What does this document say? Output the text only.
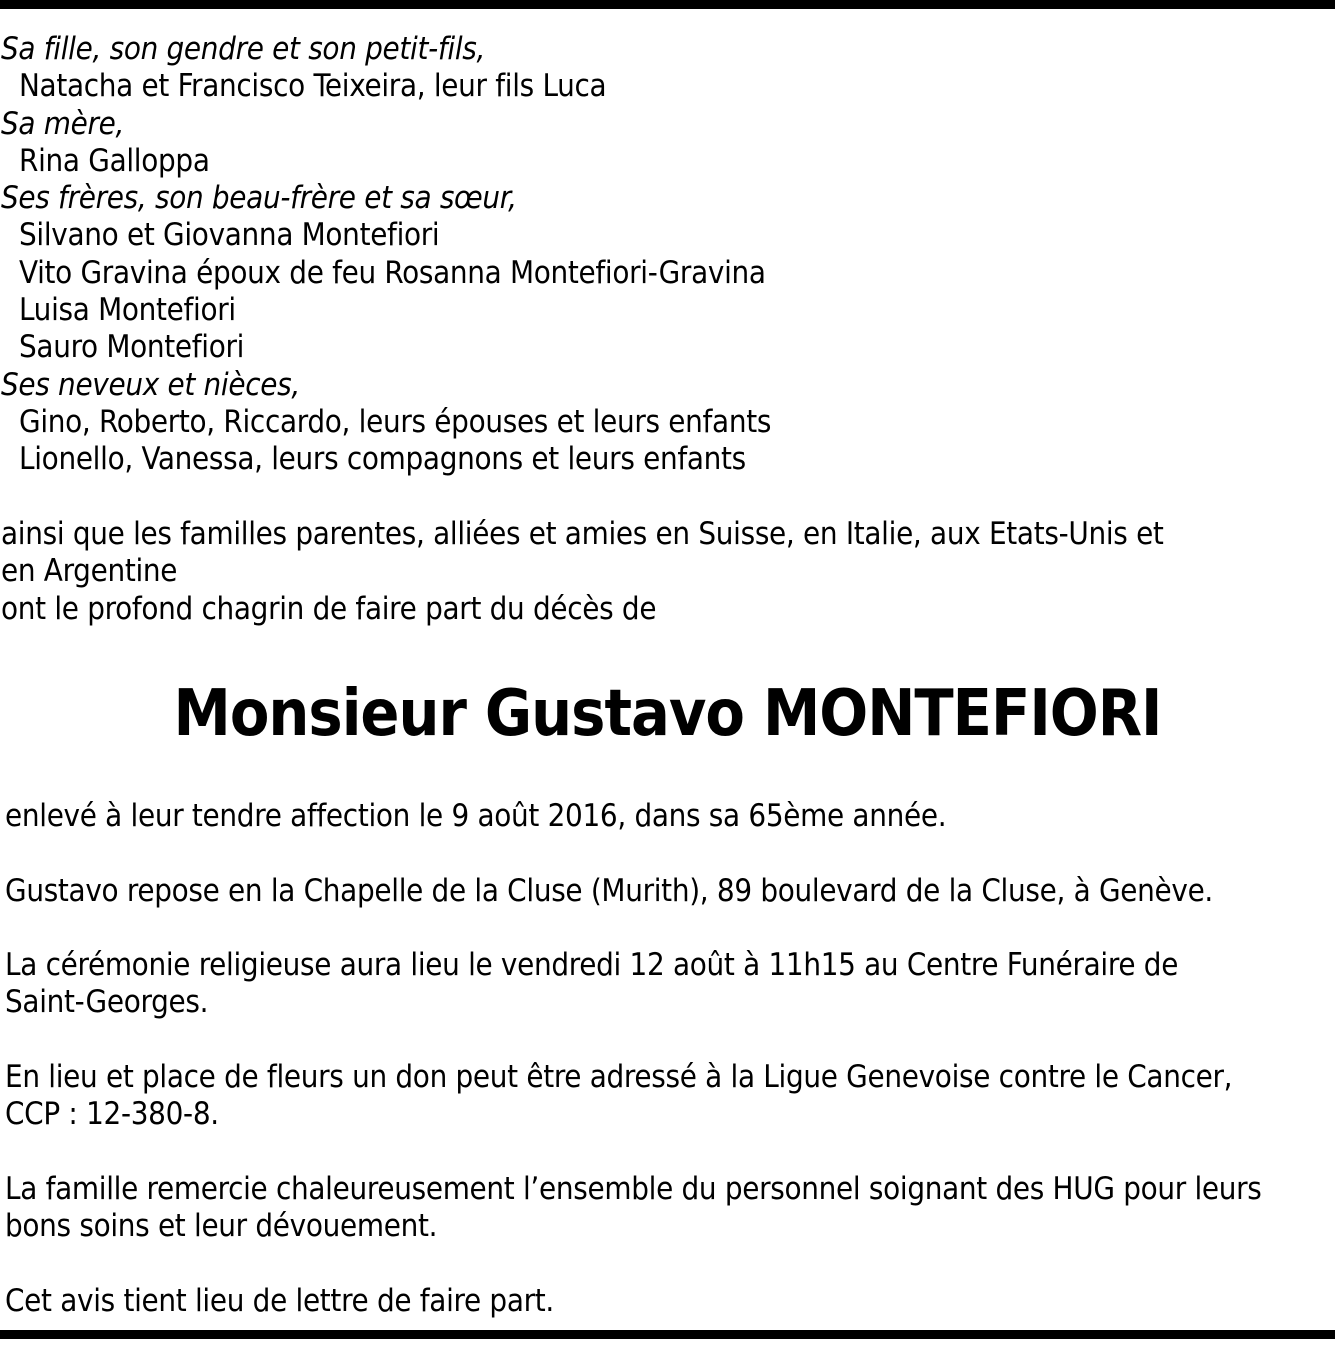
Sa fille, son gendre et son petit-fils,
Natacha et Francisco Teixeira, leur fils Luca
Sa mère,
Rina Galloppa
Ses frères, son beau-frère et sa sœur,
Silvano et Giovanna Montefiori
Vito Gravina époux de feu Rosanna Montefiori-Gravina
Luisa Montefiori
Sauro Montefiori
Ses neveux et nièces,
Gino, Roberto, Riccardo, leurs épouses et leurs enfants
Lionello, Vanessa, leurs compagnons et leurs enfants
ainsi que les familles parentes, alliées et amies en Suisse, en Italie, aux Etats-Unis et
en Argentine
ont le profond chagrin de faire part du décès de
Monsieur Gustavo MONTEFIORI

enlevé à leur tendre affection le 9 août 2016, dans sa 65ème année.

Gustavo repose en la Chapelle de la Cluse (Murith), 89 boulevard de la Cluse, à Genève.

La cérémonie religieuse aura lieu le vendredi 12 août à 11h15 au Centre Funéraire de
Saint-Georges.

En lieu et place de fleurs un don peut être adressé à la Ligue Genevoise contre le Cancer,
CCP : 12-380-8.

La famille remercie chaleureusement l’ensemble du personnel soignant des HUG pour leurs
bons soins et leur dévouement.

Cet avis tient lieu de lettre de faire part.
